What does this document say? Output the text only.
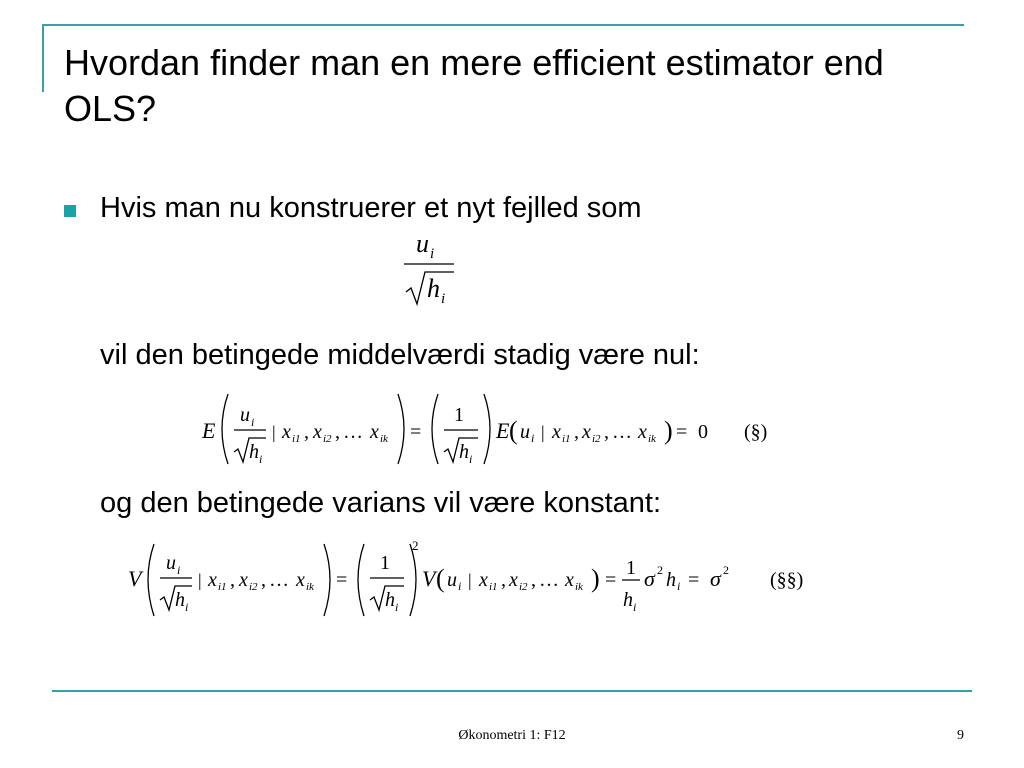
Hvordan finder man en mere efficient estimator end OLS?
Hvis man nu konstruerer et nyt fejlled som
u i
h i
vil den betingede middelværdi stadig være nul:
E
u i
h i
| x i1 , x i2 , … x ik =
1
h i
E ( u i | x i1 , x i2 , … x ik ) = 0 (§)
og den betingede varians vil være konstant:
V
u i
h i
| x i1 , x i2 , … x ik =
1
h i
2
V ( u i | x i1 , x i2 , … x ik ) =
1
h i
σ 2 h i = σ 2 (§§)
Økonometri 1: F12	9
